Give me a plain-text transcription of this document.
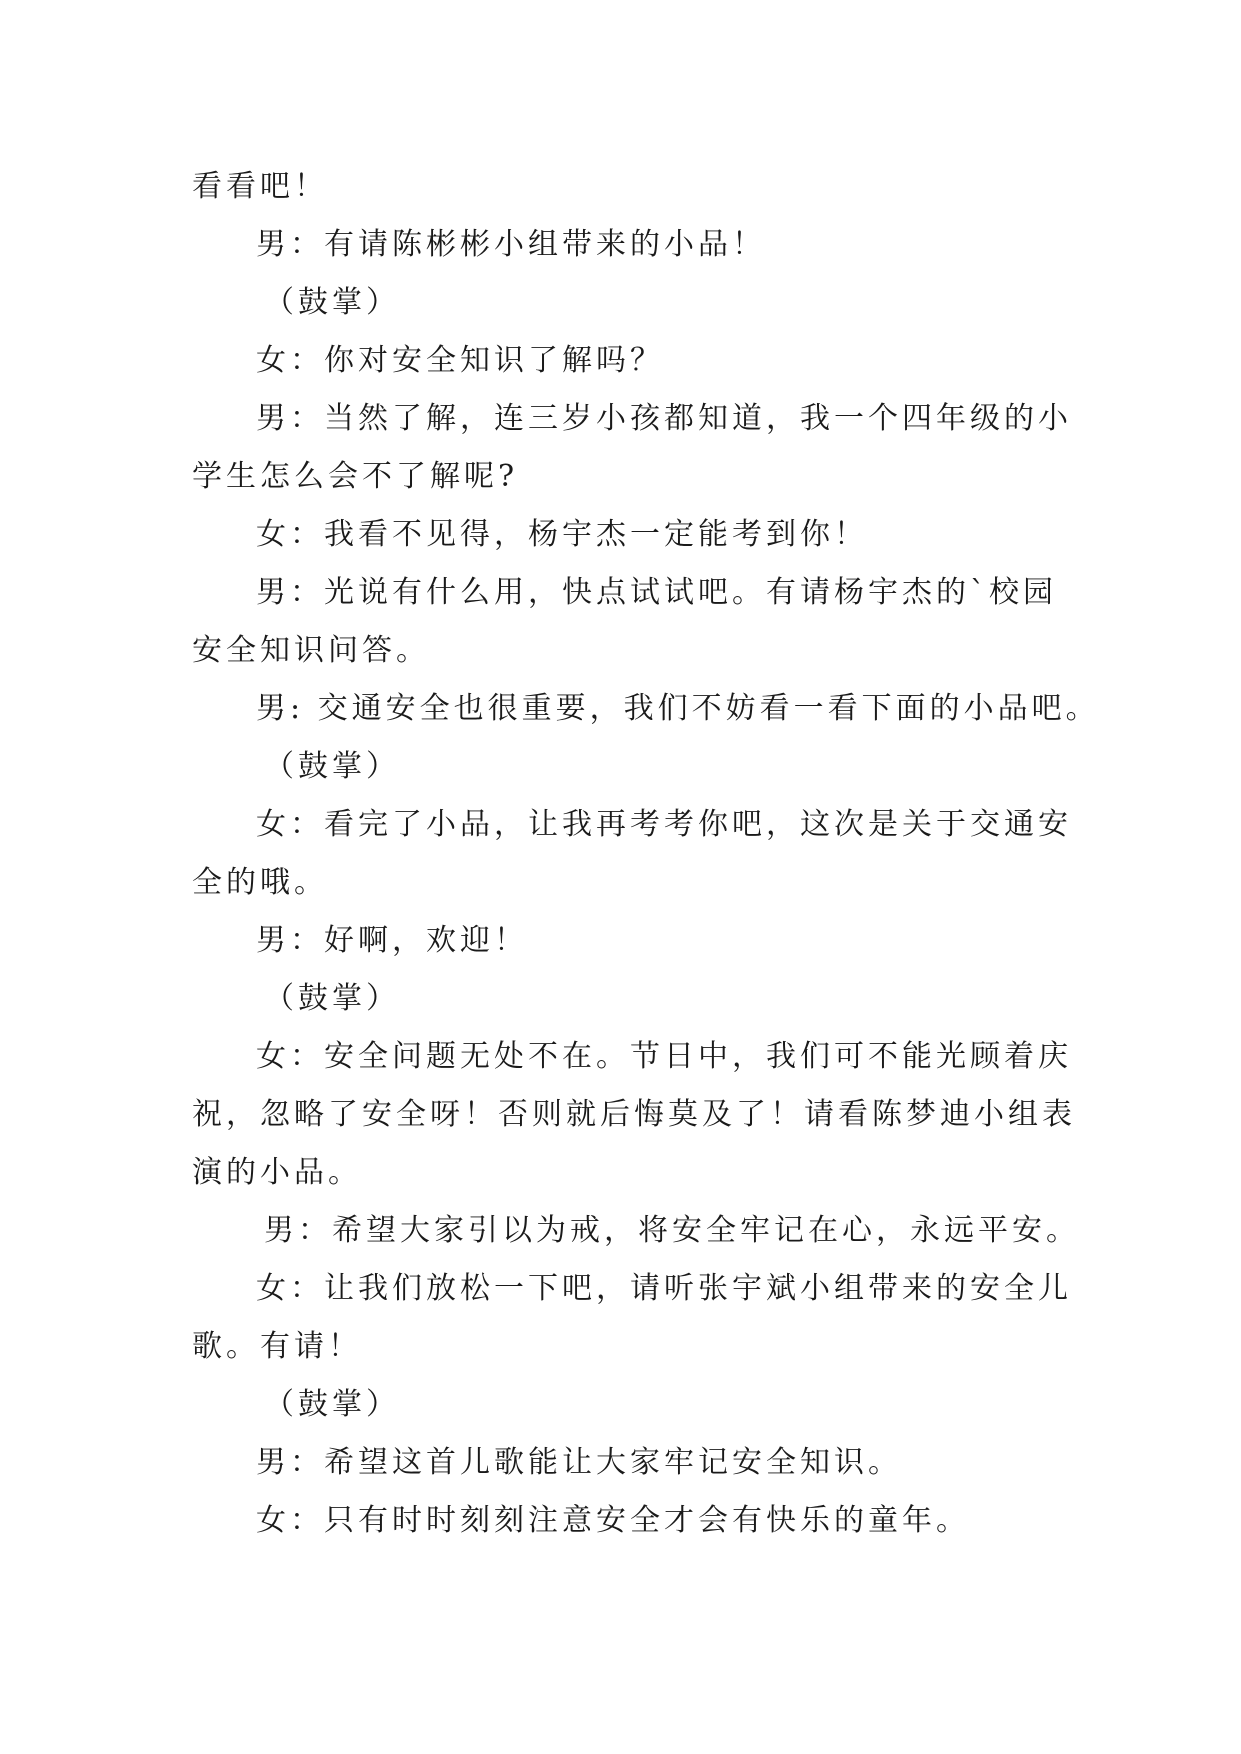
看看吧！
男：有请陈彬彬小组带来的小品！
（鼓掌）
女：你对安全知识了解吗？
男：当然了解，连三岁小孩都知道，我一个四年级的小
学生怎么会不了解呢?
女：我看不见得，杨宇杰一定能考到你！
男：光说有什么用，快点试试吧。有请杨宇杰的`校园
安全知识问答。
男: 交通安全也很重要，我们不妨看一看下面的小品吧。
（鼓掌）
女：看完了小品，让我再考考你吧，这次是关于交通安
全的哦。
男：好啊，欢迎！
（鼓掌）
女：安全问题无处不在。节日中，我们可不能光顾着庆
祝，忽略了安全呀！否则就后悔莫及了！请看陈梦迪小组表
演的小品。
男：希望大家引以为戒，将安全牢记在心，永远平安。
女：让我们放松一下吧，请听张宇斌小组带来的安全儿
歌。有请！
（鼓掌）
男：希望这首儿歌能让大家牢记安全知识。
女：只有时时刻刻注意安全才会有快乐的童年。
